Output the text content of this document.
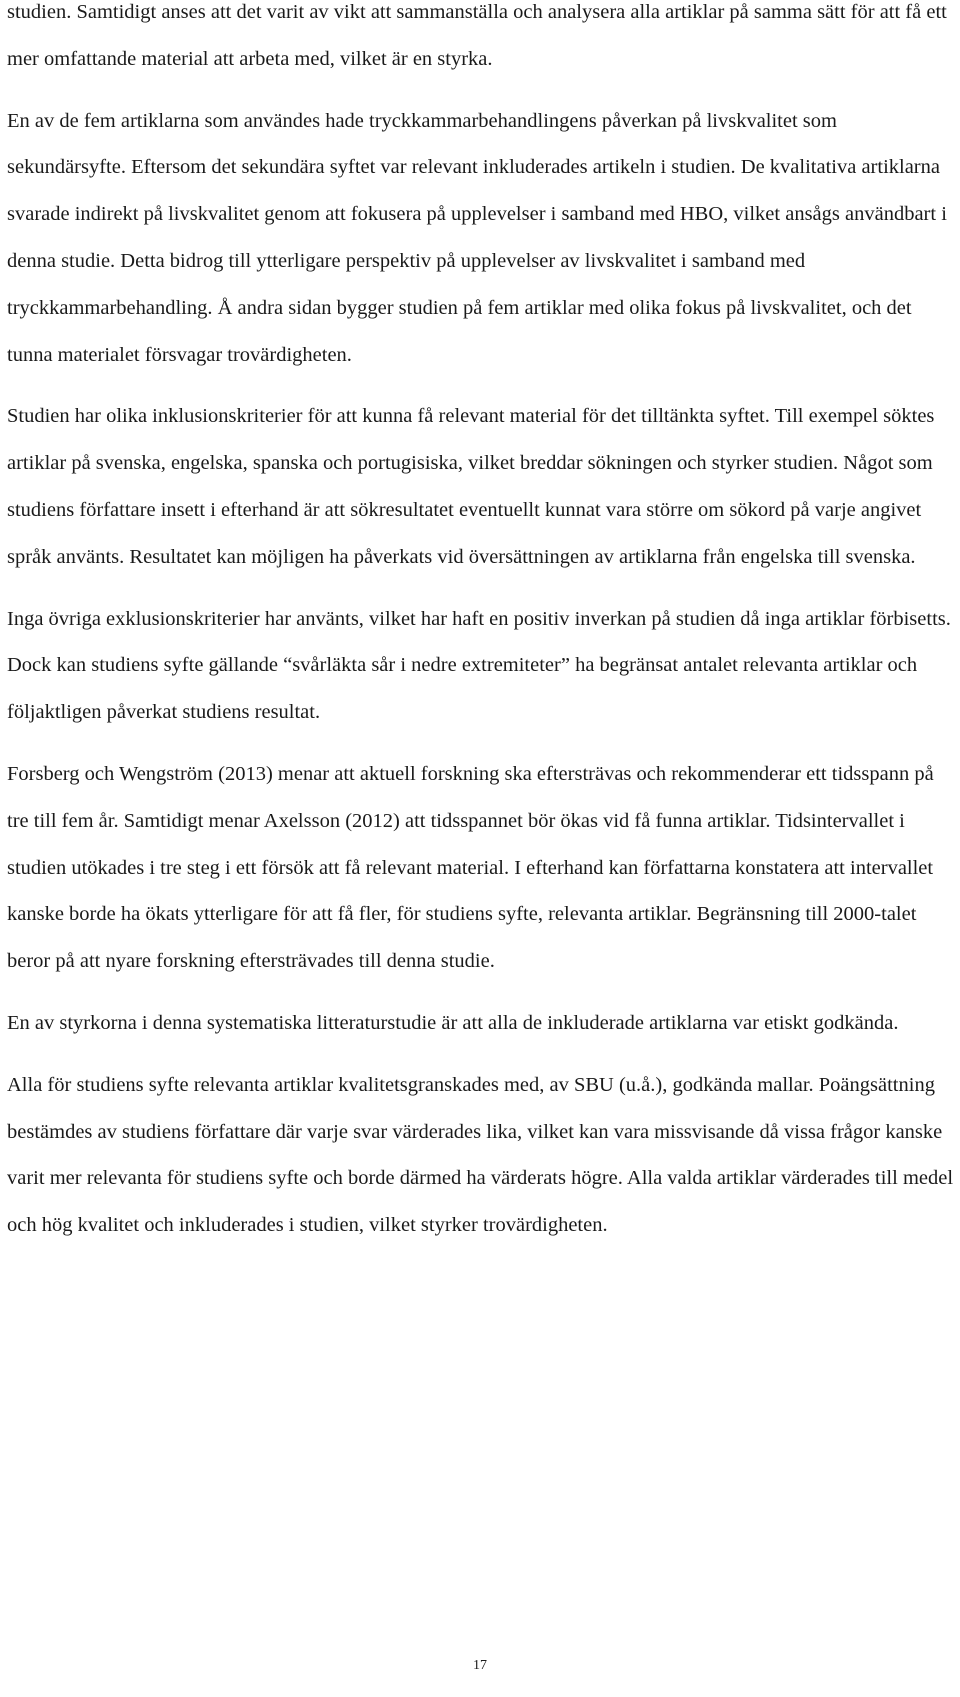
studien. Samtidigt anses att det varit av vikt att sammanställa och analysera alla artiklar på samma sätt för att få ett mer omfattande material att arbeta med, vilket är en styrka.

En av de fem artiklarna som användes hade tryckkammarbehandlingens påverkan på livskvalitet som sekundärsyfte. Eftersom det sekundära syftet var relevant inkluderades artikeln i studien. De kvalitativa artiklarna svarade indirekt på livskvalitet genom att fokusera på upplevelser i samband med HBO, vilket ansågs användbart i denna studie. Detta bidrog till ytterligare perspektiv på upplevelser av livskvalitet i samband med tryckkammarbehandling. Å andra sidan bygger studien på fem artiklar med olika fokus på livskvalitet, och det tunna materialet försvagar trovärdigheten.

Studien har olika inklusionskriterier för att kunna få relevant material för det tilltänkta syftet. Till exempel söktes artiklar på svenska, engelska, spanska och portugisiska, vilket breddar sökningen och styrker studien. Något som studiens författare insett i efterhand är att sökresultatet eventuellt kunnat vara större om sökord på varje angivet språk använts. Resultatet kan möjligen ha påverkats vid översättningen av artiklarna från engelska till svenska.

Inga övriga exklusionskriterier har använts, vilket har haft en positiv inverkan på studien då inga artiklar förbisetts. Dock kan studiens syfte gällande “svårläkta sår i nedre extremiteter” ha begränsat antalet relevanta artiklar och följaktligen påverkat studiens resultat.

Forsberg och Wengström (2013) menar att aktuell forskning ska eftersträvas och rekommenderar ett tidsspann på tre till fem år. Samtidigt menar Axelsson (2012) att tidsspannet bör ökas vid få funna artiklar. Tidsintervallet i studien utökades i tre steg i ett försök att få relevant material. I efterhand kan författarna konstatera att intervallet kanske borde ha ökats ytterligare för att få fler, för studiens syfte, relevanta artiklar. Begränsning till 2000-talet beror på att nyare forskning eftersträvades till denna studie.

En av styrkorna i denna systematiska litteraturstudie är att alla de inkluderade artiklarna var etiskt godkända.

Alla för studiens syfte relevanta artiklar kvalitetsgranskades med, av SBU (u.å.), godkända mallar. Poängsättning bestämdes av studiens författare där varje svar värderades lika, vilket kan vara missvisande då vissa frågor kanske varit mer relevanta för studiens syfte och borde därmed ha värderats högre. Alla valda artiklar värderades till medel och hög kvalitet och inkluderades i studien, vilket styrker trovärdigheten.

17
